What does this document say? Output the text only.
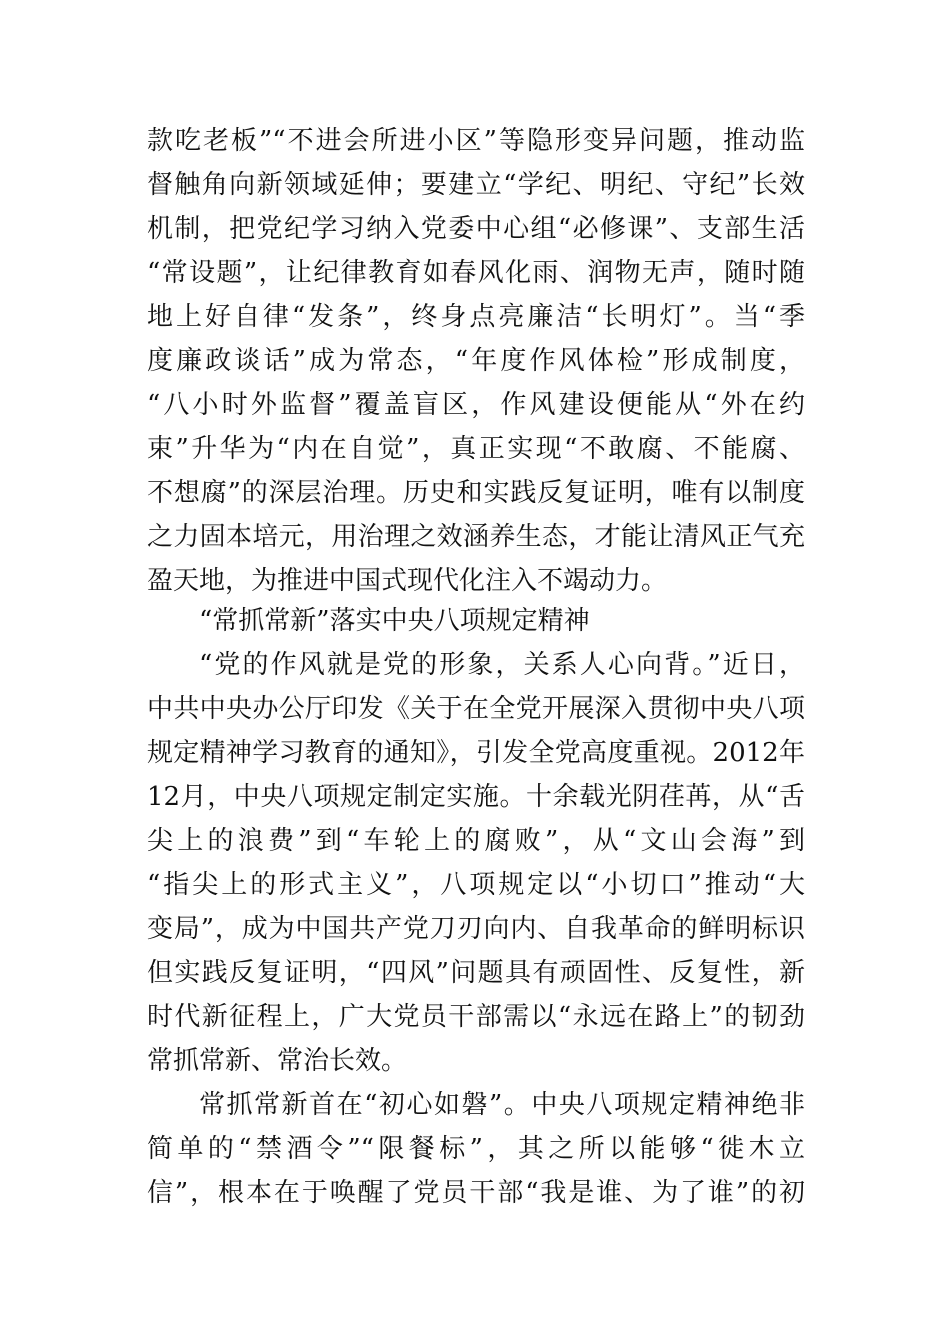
款吃老板”“不进会所进小区”等隐形变异问题，推动监
督触角向新领域延伸；要建立“学纪、明纪、守纪”长效
机制，把党纪学习纳入党委中心组“必修课”、支部生活
“常设题”，让纪律教育如春风化雨、润物无声，随时随
地上好自律“发条”，终身点亮廉洁“长明灯”。当“季
度廉政谈话”成为常态，“年度作风体检”形成制度，
“八小时外监督”覆盖盲区，作风建设便能从“外在约
束”升华为“内在自觉”，真正实现“不敢腐、不能腐、
不想腐”的深层治理。历史和实践反复证明，唯有以制度
之力固本培元，用治理之效涵养生态，才能让清风正气充
盈天地，为推进中国式现代化注入不竭动力。
“常抓常新”落实中央八项规定精神
“党的作风就是党的形象，关系人心向背。”近日，
中共中央办公厅印发《关于在全党开展深入贯彻中央八项
规定精神学习教育的通知》，引发全党高度重视。2012年
12月，中央八项规定制定实施。十余载光阴荏苒，从“舌
尖上的浪费”到“车轮上的腐败”，从“文山会海”到
“指尖上的形式主义”，八项规定以“小切口”推动“大
变局”，成为中国共产党刀刃向内、自我革命的鲜明标识
但实践反复证明，“四风”问题具有顽固性、反复性，新
时代新征程上，广大党员干部需以“永远在路上”的韧劲
常抓常新、常治长效。
常抓常新首在“初心如磐”。中央八项规定精神绝非
简单的“禁酒令”“限餐标”，其之所以能够“徙木立
信”，根本在于唤醒了党员干部“我是谁、为了谁”的初
